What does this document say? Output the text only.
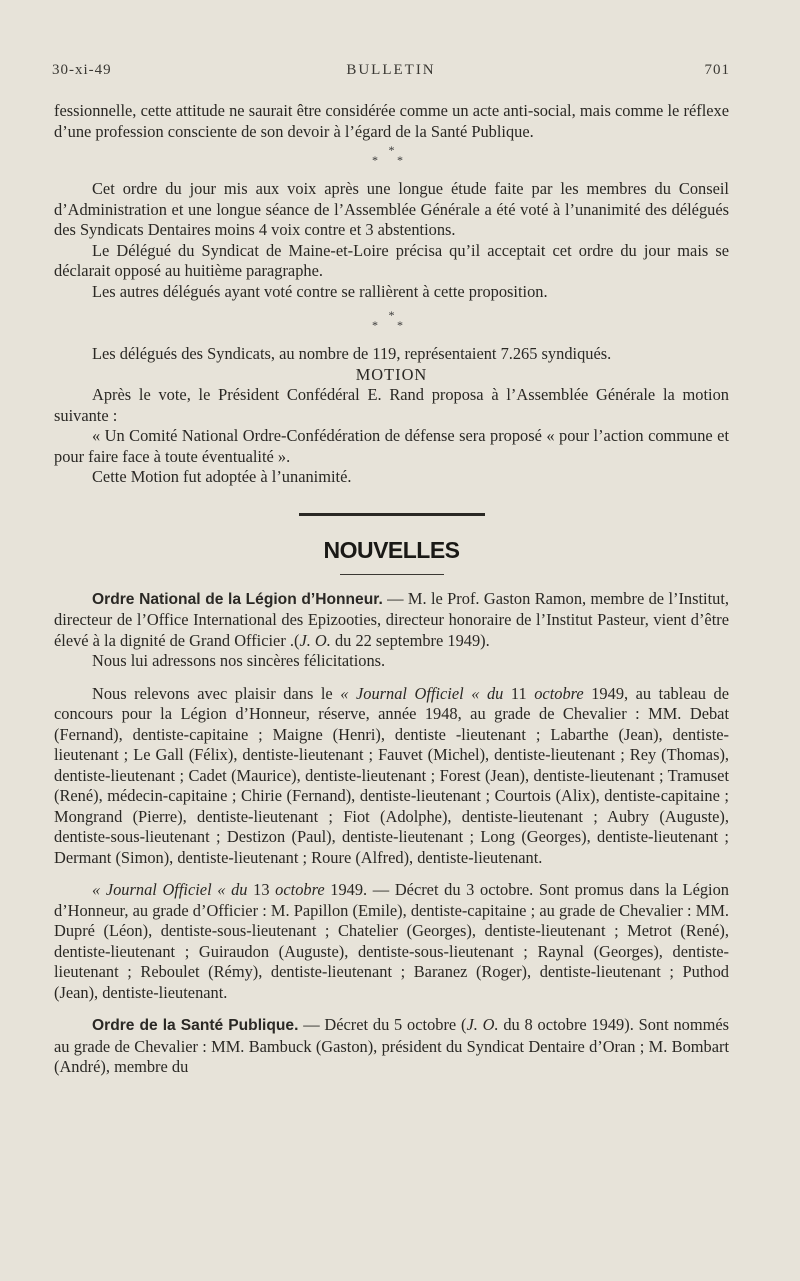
30-xi-49	BULLETIN	701

fessionnelle, cette attitude ne saurait être considérée comme un acte anti-social, mais comme le réflexe d’une profession consciente de son devoir à l’égard de la Santé Publique.

*
* *

Cet ordre du jour mis aux voix après une longue étude faite par les membres du Conseil d’Administration et une longue séance de l’Assemblée Générale a été voté à l’unanimité des délégués des Syndicats Dentaires moins 4 voix contre et 3 abstentions.

Le Délégué du Syndicat de Maine-et-Loire précisa qu’il acceptait cet ordre du jour mais se déclarait opposé au huitième paragraphe.

Les autres délégués ayant voté contre se rallièrent à cette proposition.

*
* *

Les délégués des Syndicats, au nombre de 119, représentaient 7.265 syndiqués.

MOTION

Après le vote, le Président Confédéral E. Rand proposa à l’Assemblée Générale la motion suivante :

« Un Comité National Ordre-Confédération de défense sera proposé « pour l’action commune et pour faire face à toute éventualité ».

Cette Motion fut adoptée à l’unanimité.

NOUVELLES

Ordre National de la Légion d’Honneur. — M. le Prof. Gaston Ramon, membre de l’Institut, directeur de l’Office International des Epizooties, directeur honoraire de l’Institut Pasteur, vient d’être élevé à la dignité de Grand Officier .(J. O. du 22 septembre 1949).

Nous lui adressons nos sincères félicitations.

Nous relevons avec plaisir dans le « Journal Officiel « du 11 octobre 1949, au tableau de concours pour la Légion d’Honneur, réserve, année 1948, au grade de Chevalier : MM. Debat (Fernand), dentiste-capitaine ; Maigne (Henri), dentiste -lieutenant ; Labarthe (Jean), dentiste-lieutenant ; Le Gall (Félix), dentiste-lieutenant ; Fauvet (Michel), dentiste-lieutenant ; Rey (Thomas), dentiste-lieutenant ; Cadet (Maurice), dentiste-lieutenant ; Forest (Jean), dentiste-lieutenant ; Tramuset (René), médecin-capitaine ; Chirie (Fernand), dentiste-lieutenant ; Courtois (Alix), dentiste-capitaine ; Mongrand (Pierre), dentiste-lieutenant ; Fiot (Adolphe), dentiste-lieutenant ; Aubry (Auguste), dentiste-sous-lieutenant ; Destizon (Paul), dentiste-lieutenant ; Long (Georges), dentiste-lieutenant ; Dermant (Simon), dentiste-lieutenant ; Roure (Alfred), dentiste-lieutenant.

« Journal Officiel « du 13 octobre 1949. — Décret du 3 octobre. Sont promus dans la Légion d’Honneur, au grade d’Officier : M. Papillon (Emile), dentiste-capitaine ; au grade de Chevalier : MM. Dupré (Léon), dentiste-sous-lieutenant ; Chatelier (Georges), dentiste-lieutenant ; Metrot (René), dentiste-lieutenant ; Guiraudon (Auguste), dentiste-sous-lieutenant ; Raynal (Georges), dentiste-lieutenant ; Reboulet (Rémy), dentiste-lieutenant ; Baranez (Roger), dentiste-lieutenant ; Puthod (Jean), dentiste-lieutenant.

Ordre de la Santé Publique. — Décret du 5 octobre (J. O. du 8 octobre 1949). Sont nommés au grade de Chevalier : MM. Bambuck (Gaston), président du Syndicat Dentaire d’Oran ; M. Bombart (André), membre du
